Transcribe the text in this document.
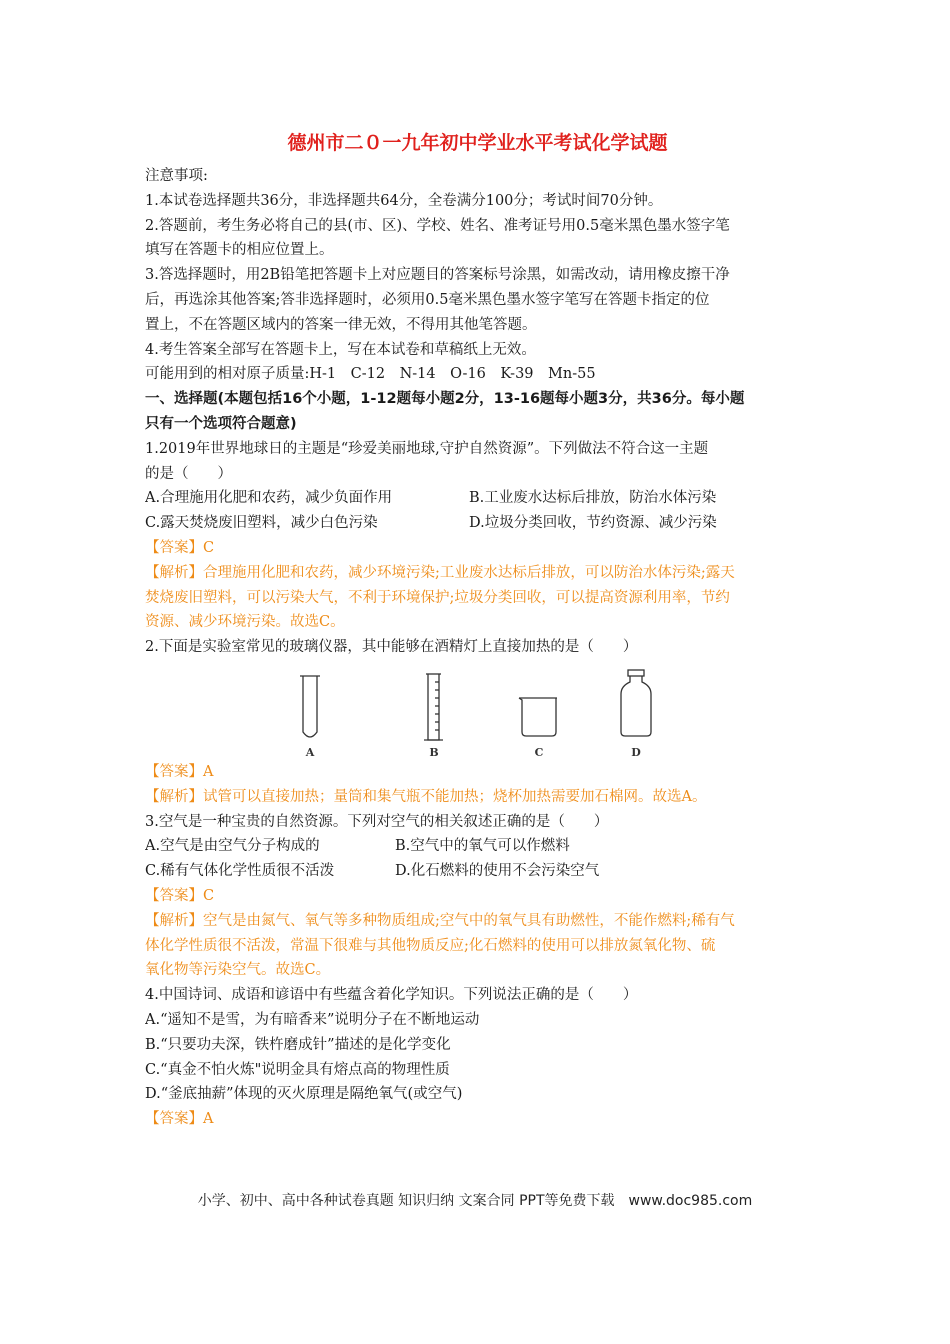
德州市二０一九年初中学业水平考试化学试题
注意事项:
1.本试卷选择题共36分，非选择题共64分，全卷满分100分；考试时间70分钟。
2.答题前，考生务必将自己的县(市、区)、学校、姓名、准考证号用0.5毫米黑色墨水签字笔
填写在答题卡的相应位置上。
3.答选择题时，用2B铅笔把答题卡上对应题目的答案标号涂黑，如需改动，请用橡皮擦干净
后，再选涂其他答案;答非选择题时，必须用0.5毫米黑色墨水签字笔写在答题卡指定的位
置上，不在答题区域内的答案一律无效，不得用其他笔答题。
4.考生答案全部写在答题卡上，写在本试卷和草稿纸上无效。
可能用到的相对原子质量:H-1　C-12　N-14　O-16　K-39　Mn-55
一、选择题(本题包括16个小题，1-12题每小题2分，13-16题每小题3分，共36分。每小题
只有一个选项符合题意)
1.2019年世界地球日的主题是“珍爱美丽地球,守护自然资源”。下列做法不符合这一主题
的是（　　）
A.合理施用化肥和农药，减少负面作用	B.工业废水达标后排放，防治水体污染
C.露天焚烧废旧塑料，减少白色污染	D.垃圾分类回收，节约资源、减少污染
【答案】C
【解析】合理施用化肥和农药，减少环境污染;工业废水达标后排放，可以防治水体污染;露天
焚烧废旧塑料，可以污染大气，不利于环境保护;垃圾分类回收，可以提高资源利用率，节约
资源、减少环境污染。故选C。
2.下面是实验室常见的玻璃仪器，其中能够在酒精灯上直接加热的是（　　）
A	B	C	D
【答案】A
【解析】试管可以直接加热；量筒和集气瓶不能加热；烧杯加热需要加石棉网。故选A。
3.空气是一种宝贵的自然资源。下列对空气的相关叙述正确的是（　　）
A.空气是由空气分子构成的	B.空气中的氧气可以作燃料
C.稀有气体化学性质很不活泼	D.化石燃料的使用不会污染空气
【答案】C
【解析】空气是由氮气、氧气等多种物质组成;空气中的氧气具有助燃性，不能作燃料;稀有气
体化学性质很不活泼，常温下很难与其他物质反应;化石燃料的使用可以排放氮氧化物、硫
氧化物等污染空气。故选C。
4.中国诗词、成语和谚语中有些蕴含着化学知识。下列说法正确的是（　　）
A.“遥知不是雪，为有暗香来”说明分子在不断地运动
B.“只要功夫深，铁杵磨成针”描述的是化学变化
C.“真金不怕火炼"说明金具有熔点高的物理性质
D.“釜底抽薪”体现的灭火原理是隔绝氧气(或空气)
【答案】A
小学、初中、高中各种试卷真题 知识归纳 文案合同 PPT等免费下载　www.doc985.com
